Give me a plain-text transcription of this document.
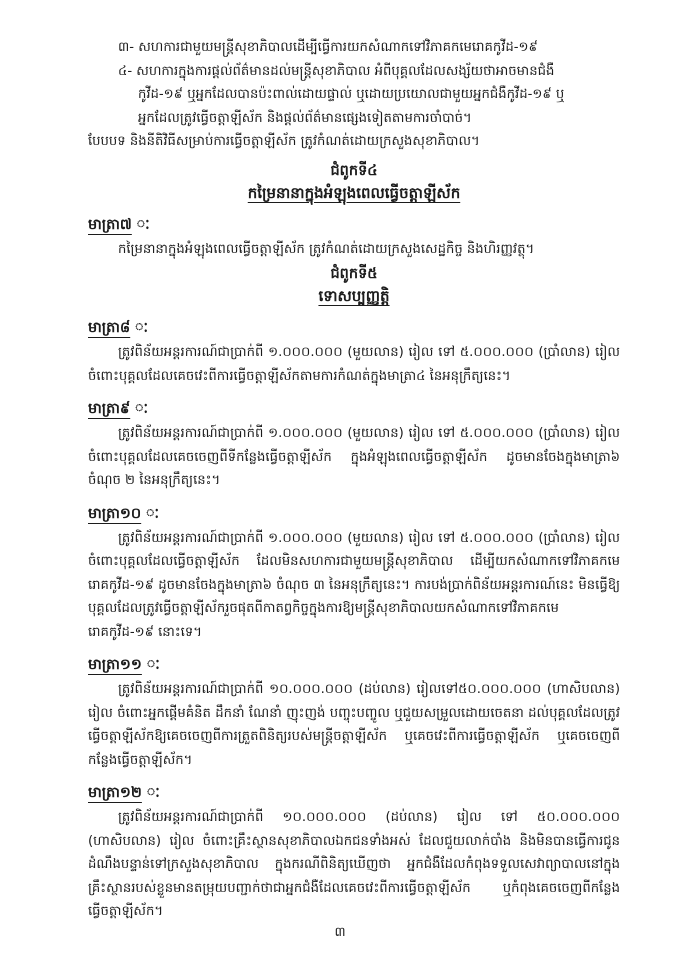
៣- សហការជាមួយមន្ត្រីសុខាភិបាលដើម្បីធ្វើការយកសំណាកទៅវិភាគកមេរោគកូវីដ-១៩
៤- សហការក្នុងការផ្តល់ព័ត៌មានដល់មន្ត្រីសុខាភិបាល អំពីបុគ្គលដែលសង្ស័យថាអាចមានជំងឺ
កូវីដ-១៩ ឬអ្នកដែលបានប៉ះពាល់ដោយផ្ទាល់ ឬដោយប្រយោលជាមួយអ្នកជំងឺកូវីដ-១៩ ឬ
អ្នកដែលត្រូវធ្វើចត្តាឡីស័ក និងផ្តល់ព័ត៌មានផ្សេងទៀតតាមការចាំបាច់។
បែបបទ និងនីតិវិធីសម្រាប់ការធ្វើចត្តាឡីស័ក ត្រូវកំណត់ដោយក្រសួងសុខាភិបាល។
ជំពូកទី៤
កម្រៃនានាក្នុងអំឡុងពេលធ្វើចត្តាឡីស័ក
មាត្រា៧ ៈ
កម្រៃនានាក្នុងអំឡុងពេលធ្វើចត្តាឡីស័ក ត្រូវកំណត់ដោយក្រសួងសេដ្ឋកិច្ច និងហិរញ្ញវត្ថុ។
ជំពូកទី៥
ទោសប្បញ្ញត្តិ
មាត្រា៨ ៈ
ត្រូវពិន័យអន្តរការណ៍ជាប្រាក់ពី ១.០០០.០០០ (មួយលាន) រៀល ទៅ ៥.០០០.០០០ (ប្រាំលាន) រៀល ចំពោះបុគ្គលដែលគេចវេះពីការធ្វើចត្តាឡីស័កតាមការកំណត់ក្នុងមាត្រា៤ នៃអនុក្រឹត្យនេះ។
មាត្រា៩ ៈ
ត្រូវពិន័យអន្តរការណ៍ជាប្រាក់ពី ១.០០០.០០០ (មួយលាន) រៀល ទៅ ៥.០០០.០០០ (ប្រាំលាន) រៀល ចំពោះបុគ្គលដែលគេចចេញពីទីកន្លែងធ្វើចត្តាឡីស័ក ក្នុងអំឡុងពេលធ្វើចត្តាឡីស័ក ដូចមានចែងក្នុងមាត្រា៦ ចំណុច ២ នៃអនុក្រឹត្យនេះ។
មាត្រា១០ ៈ
ត្រូវពិន័យអន្តរការណ៍ជាប្រាក់ពី ១.០០០.០០០ (មួយលាន) រៀល ទៅ ៥.០០០.០០០ (ប្រាំលាន) រៀល ចំពោះបុគ្គលដែលធ្វើចត្តាឡីស័ក ដែលមិនសហការជាមួយមន្ត្រីសុខាភិបាល ដើម្បីយកសំណាកទៅវិភាគកមេរោគកូវីដ-១៩ ដូចមានចែងក្នុងមាត្រា៦ ចំណុច ៣ នៃអនុក្រឹត្យនេះ។ ការបង់ប្រាក់ពិន័យអន្តរការណ៍នេះ មិនធ្វើឱ្យបុគ្គលដែលត្រូវធ្វើចត្តាឡីស័ករួចផុតពីកាតព្វកិច្ចក្នុងការឱ្យមន្ត្រីសុខាភិបាលយកសំណាកទៅវិភាគកមេរោគកូវីដ-១៩ នោះទេ។
មាត្រា១១ ៈ
ត្រូវពិន័យអន្តរការណ៍ជាប្រាក់ពី ១០.០០០.០០០ (ដប់លាន) រៀលទៅ៥០.០០០.០០០ (ហាសិបលាន) រៀល ចំពោះអ្នកផ្តើមគំនិត ដឹកនាំ ណែនាំ ញុះញង់ បញ្ចុះបញ្ចូល ឬជួយសម្រួលដោយចេតនា ដល់បុគ្គលដែលត្រូវធ្វើចត្តាឡីស័កឱ្យគេចចេញពីការត្រួតពិនិត្យរបស់មន្ត្រីចត្តាឡីស័ក ឬគេចវេះពីការធ្វើចត្តាឡីស័ក ឬគេចចេញពីកន្លែងធ្វើចត្តាឡីស័ក។
មាត្រា១២ ៈ
ត្រូវពិន័យអន្តរការណ៍ជាប្រាក់ពី ១០.០០០.០០០ (ដប់លាន) រៀល ទៅ ៥០.០០០.០០០ (ហាសិបលាន) រៀល ចំពោះគ្រឹះស្ថានសុខាភិបាលឯកជនទាំងអស់ ដែលជួយលាក់បាំង និងមិនបានធ្វើការជូនដំណឹងបន្ទាន់ទៅក្រសួងសុខាភិបាល ក្នុងករណីពិនិត្យឃើញថា អ្នកជំងឺដែលកំពុងទទួលសេវាព្យាបាលនៅក្នុងគ្រឹះស្ថានរបស់ខ្លួនមានតម្រុយបញ្ជាក់ថាជាអ្នកជំងឺដែលគេចវេះពីការធ្វើចត្តាឡីស័ក ឬកំពុងគេចចេញពីកន្លែងធ្វើចត្តាឡីស័ក។
៣
